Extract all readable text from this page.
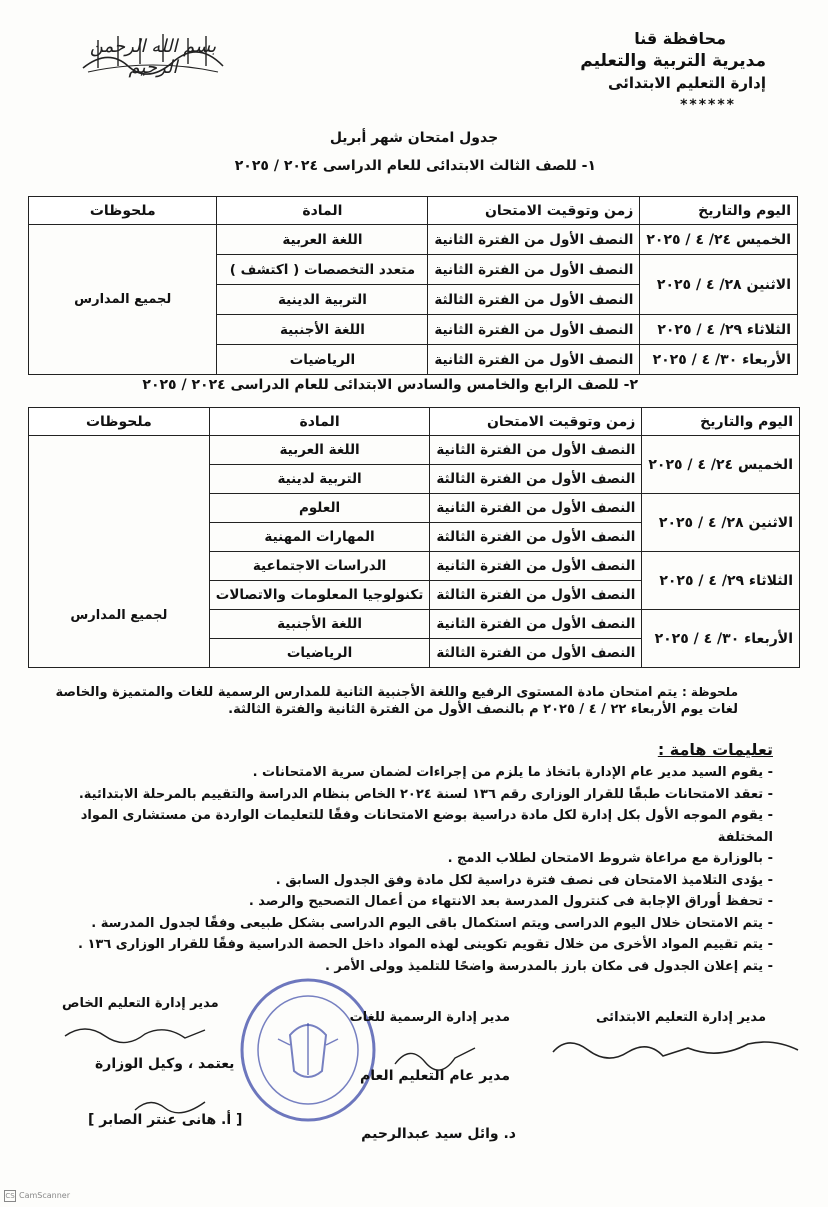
محافظة قنا
مديرية التربية والتعليم
إدارة التعليم الابتدائى
******
بسم الله الرحمن الرحيم
جدول امتحان شهر أبريل
١- للصف الثالث الابتدائى للعام الدراسى ٢٠٢٤ / ٢٠٢٥
اليوم والتاريخ	زمن وتوقيت الامتحان	المادة	ملحوظات
الخميس ٢٤/ ٤ / ٢٠٢٥	النصف الأول من الفترة الثانية	اللغة العربية	لجميع المدارس
الاثنين ٢٨/ ٤ / ٢٠٢٥	النصف الأول من الفترة الثانية	متعدد التخصصات ( اكتشف )	
	النصف الأول من الفترة الثالثة	التربية الدينية	
الثلاثاء ٢٩/ ٤ / ٢٠٢٥	النصف الأول من الفترة الثانية	اللغة الأجنبية	
الأربعاء ٣٠/ ٤ / ٢٠٢٥	النصف الأول من الفترة الثانية	الرياضيات	
٢- للصف الرابع والخامس والسادس الابتدائى للعام الدراسى ٢٠٢٤ / ٢٠٢٥
اليوم والتاريخ	زمن وتوقيت الامتحان	المادة	ملحوظات
الخميس ٢٤/ ٤ / ٢٠٢٥	النصف الأول من الفترة الثانية	اللغة العربية	لجميع المدارس
	النصف الأول من الفترة الثالثة	التربية لدينية	
الاثنين ٢٨/ ٤ / ٢٠٢٥	النصف الأول من الفترة الثانية	العلوم	
	النصف الأول من الفترة الثالثة	المهارات المهنية	
الثلاثاء ٢٩/ ٤ / ٢٠٢٥	النصف الأول من الفترة الثانية	الدراسات الاجتماعية	
	النصف الأول من الفترة الثالثة	تكنولوجيا المعلومات والاتصالات	
الأربعاء ٣٠/ ٤ / ٢٠٢٥	النصف الأول من الفترة الثانية	اللغة الأجنبية	
	النصف الأول من الفترة الثالثة	الرياضيات	
ملحوظة : يتم امتحان مادة المستوى الرفيع واللغة الأجنبية الثانية للمدارس الرسمية للغات والمتميزة والخاصة
لغات يوم الأربعاء ٢٢ / ٤ / ٢٠٢٥ م بالنصف الأول من الفترة الثانية والفترة الثالثة.
تعليمات هامة :
- يقوم السيد مدير عام الإدارة باتخاذ ما يلزم من إجراءات لضمان سرية الامتحانات .
- تعقد الامتحانات طبقًا للقرار الوزارى رقم ١٣٦ لسنة ٢٠٢٤ الخاص بنظام الدراسة والتقييم بالمرحلة الابتدائية.
- يقوم الموجه الأول بكل إدارة لكل مادة دراسية بوضع الامتحانات وفقًا للتعليمات الواردة من مستشارى المواد المختلفة
- بالوزارة مع مراعاة شروط الامتحان لطلاب الدمج .
- يؤدى التلاميذ الامتحان فى نصف فترة دراسية لكل مادة وفق الجدول السابق .
- تحفظ أوراق الإجابة فى كنترول المدرسة بعد الانتهاء من أعمال التصحيح والرصد .
- يتم الامتحان خلال اليوم الدراسى ويتم استكمال باقى اليوم الدراسى بشكل طبيعى وفقًا لجدول المدرسة .
- يتم تقييم المواد الأخرى من خلال تقويم تكوينى لهذه المواد داخل الحصة الدراسية وفقًا للقرار الوزارى ١٣٦ .
- يتم إعلان الجدول فى مكان بارز بالمدرسة واضحًا للتلميذ وولى الأمر .
مدير إدارة التعليم الابتدائى
مدير إدارة الرسمية للغات
مدير إدارة التعليم الخاص
مدير عام التعليم العام
يعتمد ، وكيل الوزارة
د. وائل سيد عبدالرحيم
[ أ. هانى عنتر الصابر ]
CS CamScanner
